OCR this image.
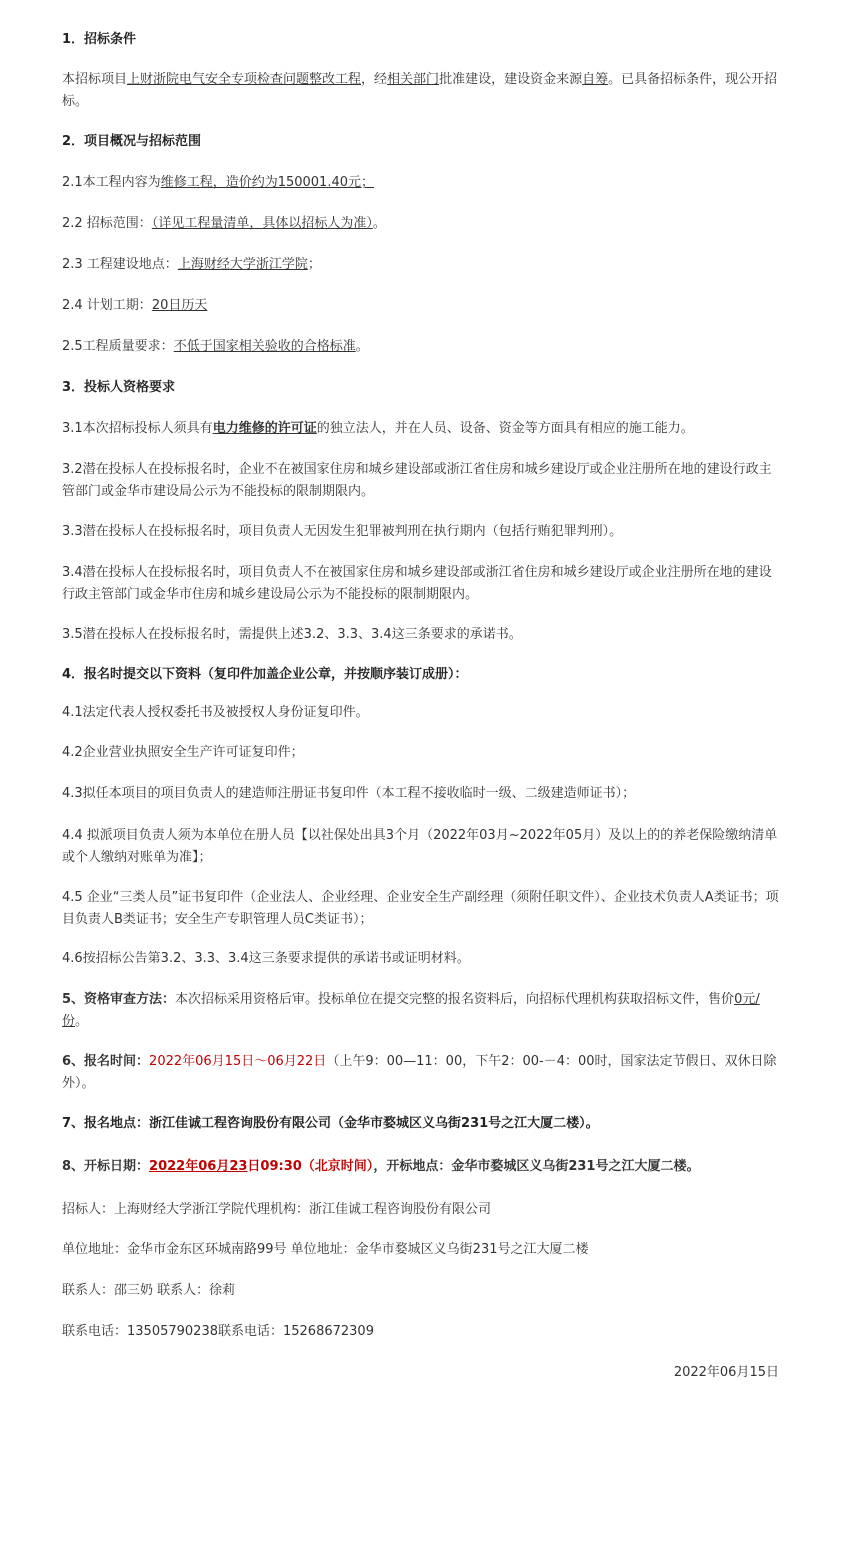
1．招标条件

本招标项目上财浙院电气安全专项检查问题整改工程，经相关部门批准建设，建设资金来源自筹。已具备招标条件，现公开招标。

2．项目概况与招标范围

2.1本工程内容为维修工程，造价约为150001.40元；

2.2 招标范围：（详见工程量清单，具体以招标人为准）。

2.3 工程建设地点：上海财经大学浙江学院；

2.4 计划工期：20日历天

2.5工程质量要求：不低于国家相关验收的合格标准。

3．投标人资格要求

3.1本次招标投标人须具有电力维修的许可证的独立法人，并在人员、设备、资金等方面具有相应的施工能力。

3.2潜在投标人在投标报名时，企业不在被国家住房和城乡建设部或浙江省住房和城乡建设厅或企业注册所在地的建设行政主管部门或金华市建设局公示为不能投标的限制期限内。

3.3潜在投标人在投标报名时，项目负责人无因发生犯罪被判刑在执行期内（包括行贿犯罪判刑）。

3.4潜在投标人在投标报名时，项目负责人不在被国家住房和城乡建设部或浙江省住房和城乡建设厅或企业注册所在地的建设行政主管部门或金华市住房和城乡建设局公示为不能投标的限制期限内。

3.5潜在投标人在投标报名时，需提供上述3.2、3.3、3.4这三条要求的承诺书。

4．报名时提交以下资料（复印件加盖企业公章，并按顺序装订成册）：

4.1法定代表人授权委托书及被授权人身份证复印件。

4.2企业营业执照安全生产许可证复印件；

4.3拟任本项目的项目负责人的建造师注册证书复印件（本工程不接收临时一级、二级建造师证书）；

4.4 拟派项目负责人须为本单位在册人员【以社保处出具3个月（2022年03月~2022年05月）及以上的的养老保险缴纳清单或个人缴纳对账单为准】；

4.5 企业“三类人员”证书复印件（企业法人、企业经理、企业安全生产副经理（须附任职文件）、企业技术负责人A类证书；项目负责人B类证书；安全生产专职管理人员C类证书）；

4.6按招标公告第3.2、3.3、3.4这三条要求提供的承诺书或证明材料。

5、资格审查方法：本次招标采用资格后审。投标单位在提交完整的报名资料后，向招标代理机构获取招标文件，售价0元/份。

6、报名时间：2022年06月15日～06月22日（上午9：00—11：00，下午2：00-－4：00时，国家法定节假日、双休日除外）。

7、报名地点：浙江佳诚工程咨询股份有限公司（金华市婺城区义乌街231号之江大厦二楼）。

8、开标日期：2022年06月23日09:30（北京时间），开标地点：金华市婺城区义乌街231号之江大厦二楼。

招标人：上海财经大学浙江学院代理机构：浙江佳诚工程咨询股份有限公司

单位地址：金华市金东区环城南路99号 单位地址：金华市婺城区义乌街231号之江大厦二楼

联系人：邵三奶 联系人：徐莉

联系电话：13505790238联系电话：15268672309

2022年06月15日
